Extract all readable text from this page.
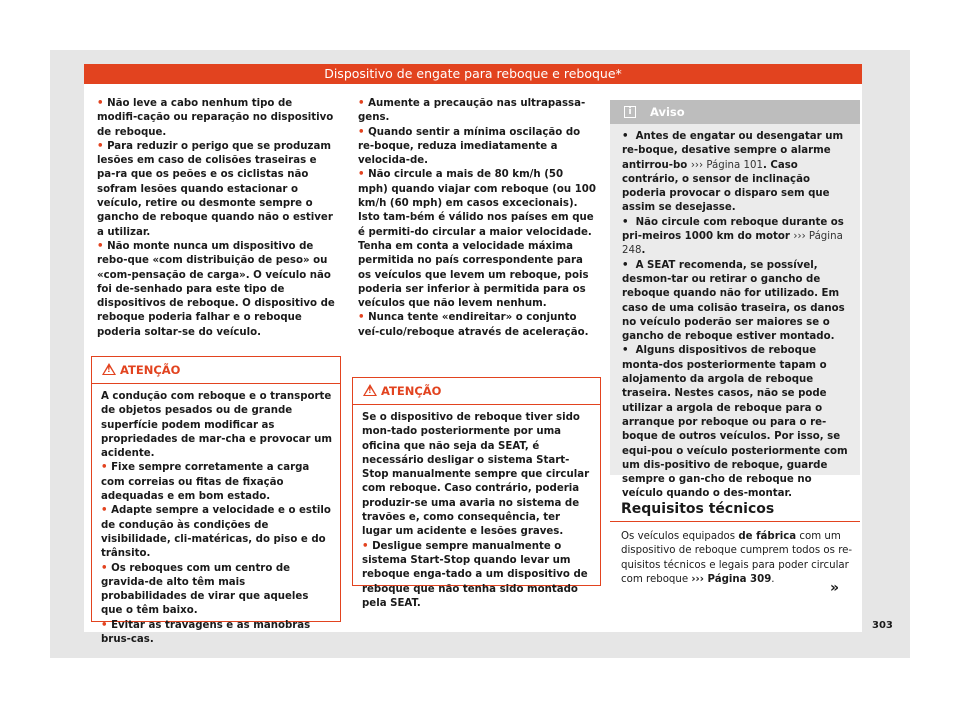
Dispositivo de engate para reboque e reboque*

• Não leve a cabo nenhum tipo de modifi-cação ou reparação no dispositivo de reboque.

• Para reduzir o perigo que se produzam lesões em caso de colisões traseiras e pa-ra que os peões e os ciclistas não sofram lesões quando estacionar o veículo, retire ou desmonte sempre o gancho de reboque quando não o estiver a utilizar.

• Não monte nunca um dispositivo de rebo-que «com distribuição de peso» ou «com-pensação de carga». O veículo não foi de-senhado para este tipo de dispositivos de reboque. O dispositivo de reboque poderia falhar e o reboque poderia soltar-se do veículo.

! ATENÇÃO

A condução com reboque e o transporte de objetos pesados ou de grande superfície podem modificar as propriedades de mar-cha e provocar um acidente.

• Fixe sempre corretamente a carga com correias ou fitas de fixação adequadas e em bom estado.

• Adapte sempre a velocidade e o estilo de condução às condições de visibilidade, cli-matéricas, do piso e do trânsito.

• Os reboques com um centro de gravida-de alto têm mais probabilidades de virar que aqueles que o têm baixo.

• Evitar as travagens e as manobras brus-cas.

• Aumente a precaução nas ultrapassa-gens.

• Quando sentir a mínima oscilação do re-boque, reduza imediatamente a velocida-de.

• Não circule a mais de 80 km/h (50 mph) quando viajar com reboque (ou 100 km/h (60 mph) em casos excecionais). Isto tam-bém é válido nos países em que é permiti-do circular a maior velocidade. Tenha em conta a velocidade máxima permitida no país correspondente para os veículos que levem um reboque, pois poderia ser inferior à permitida para os veículos que não levem nenhum.

• Nunca tente «endireitar» o conjunto veí-culo/reboque através de aceleração.

! ATENÇÃO

Se o dispositivo de reboque tiver sido mon-tado posteriormente por uma oficina que não seja da SEAT, é necessário desligar o sistema Start-Stop manualmente sempre que circular com reboque. Caso contrário, poderia produzir-se uma avaria no sistema de travões e, como consequência, ter lugar um acidente e lesões graves.

• Desligue sempre manualmente o sistema Start-Stop quando levar um reboque enga-tado a um dispositivo de reboque que não tenha sido montado pela SEAT.

i	Aviso

•  Antes de engatar ou desengatar um re-boque, desative sempre o alarme antirrou-bo ››› Página 101. Caso contrário, o sensor de inclinação poderia provocar o disparo sem que assim se desejasse.

•  Não circule com reboque durante os pri-meiros 1000 km do motor ››› Página 248.

•  A SEAT recomenda, se possível, desmon-tar ou retirar o gancho de reboque quando não for utilizado. Em caso de uma colisão traseira, os danos no veículo poderão ser maiores se o gancho de reboque estiver montado.

•  Alguns dispositivos de reboque monta-dos posteriormente tapam o alojamento da argola de reboque traseira. Nestes casos, não se pode utilizar a argola de reboque para o arranque por reboque ou para o re-boque de outros veículos. Por isso, se equi-pou o veículo posteriormente com um dis-positivo de reboque, guarde sempre o gan-cho de reboque no veículo quando o des-montar.

Requisitos técnicos
Os veículos equipados de fábrica com um dispositivo de reboque cumprem todos os re-quisitos técnicos e legais para poder circular com reboque ››› Página 309.
»
303
